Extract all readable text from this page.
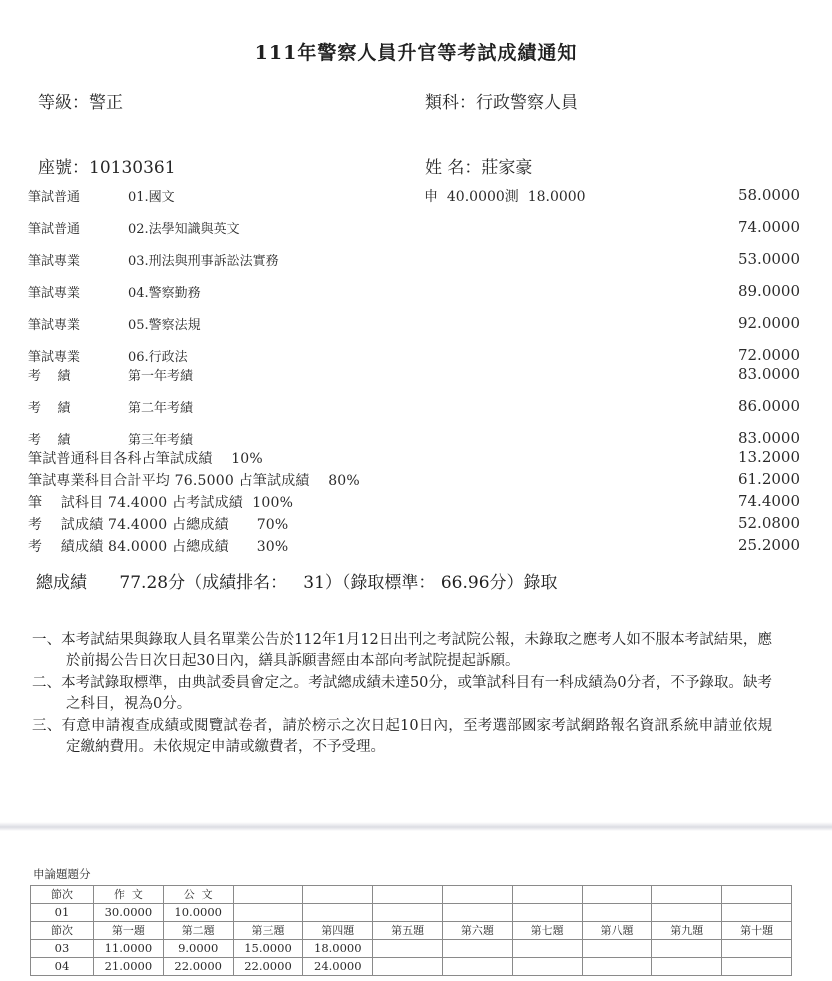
111年警察人員升官等考試成績通知
等級：警正	類科：行政警察人員
座號：10130361	姓 名：莊家豪
筆試普通	01.國文	申  40.0000測  18.0000	58.0000
筆試普通	02.法學知識與英文	74.0000
筆試專業	03.刑法與刑事訴訟法實務	53.0000
筆試專業	04.警察勤務	89.0000
筆試專業	05.警察法規	92.0000
筆試專業	06.行政法	72.0000
考    績	第一年考績	83.0000
考    績	第二年考績	86.0000
考    績	第三年考績	83.0000
筆試普通科目各科占筆試成績    10%	13.2000
筆試專業科目合計平均 76.5000 占筆試成績    80%	61.2000
筆    試科目 74.4000 占考試成績  100%	74.4000
考    試成績 74.4000 占總成績      70%	52.0800
考    績成績 84.0000 占總成績      30%	25.2000
總成績      77.28分（成績排名：   31）（錄取標準： 66.96分）錄取
一、本考試結果與錄取人員名單業公告於112年1月12日出刊之考試院公報，未錄取之應考人如不服本考試結果，應於前揭公告日次日起30日內，繕具訴願書經由本部向考試院提起訴願。
二、本考試錄取標準，由典試委員會定之。考試總成績未達50分，或筆試科目有一科成績為0分者，不予錄取。缺考之科目，視為0分。
三、有意申請複查成績或閱覽試卷者，請於榜示之次日起10日內，至考選部國家考試網路報名資訊系統申請並依規定繳納費用。未依規定申請或繳費者，不予受理。
申論題題分
節次	作  文	公  文								
01	30.0000	10.0000								
節次	第一題	第二題	第三題	第四題	第五題	第六題	第七題	第八題	第九題	第十題
03	11.0000	9.0000	15.0000	18.0000						
04	21.0000	22.0000	22.0000	24.0000						
